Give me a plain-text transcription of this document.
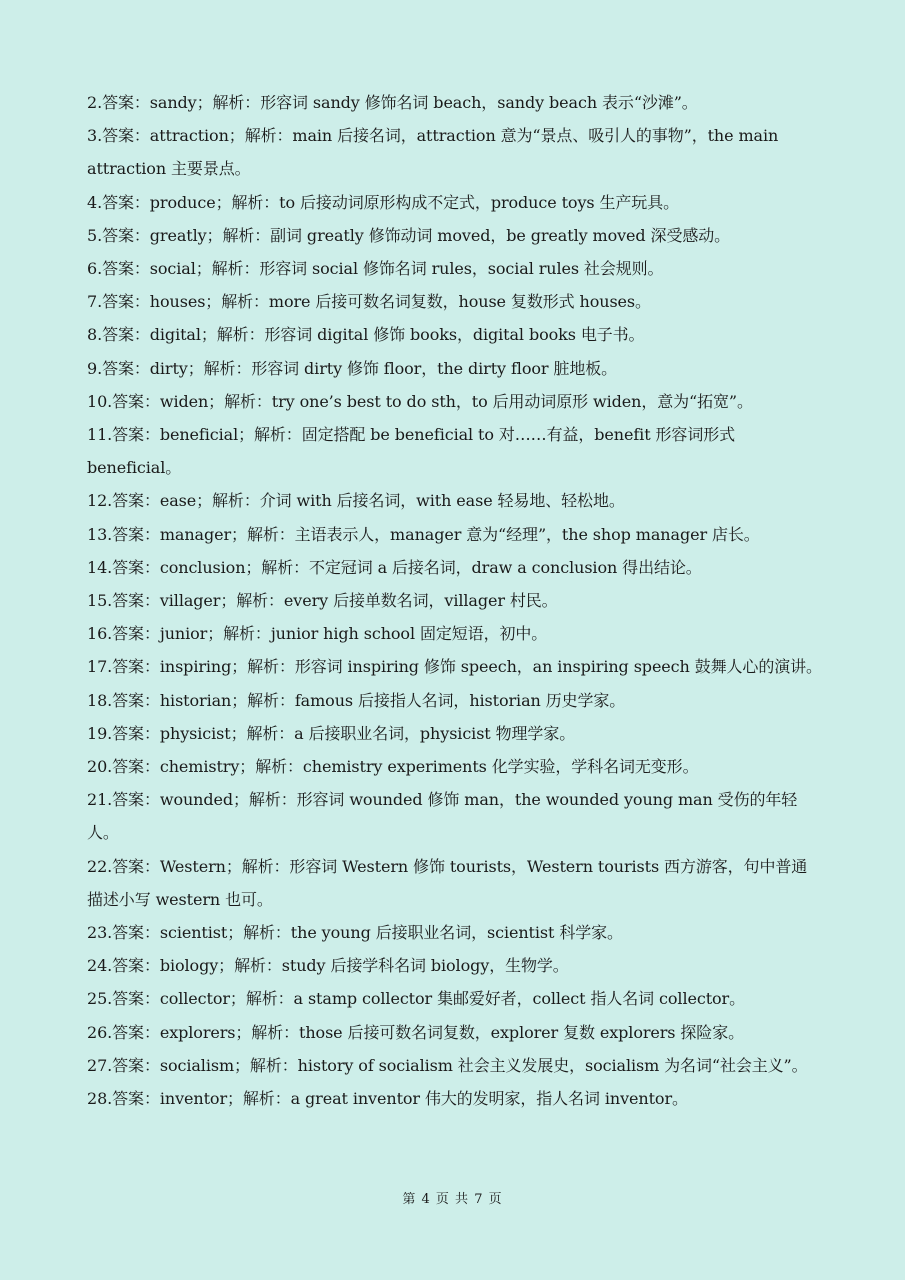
2.答案：sandy；解析：形容词 sandy 修饰名词 beach，sandy beach 表示“沙滩”。

3.答案：attraction；解析：main 后接名词，attraction 意为“景点、吸引人的事物”，the main attraction 主要景点。

4.答案：produce；解析：to 后接动词原形构成不定式，produce toys 生产玩具。

5.答案：greatly；解析：副词 greatly 修饰动词 moved，be greatly moved 深受感动。

6.答案：social；解析：形容词 social 修饰名词 rules，social rules 社会规则。

7.答案：houses；解析：more 后接可数名词复数，house 复数形式 houses。

8.答案：digital；解析：形容词 digital 修饰 books，digital books 电子书。

9.答案：dirty；解析：形容词 dirty 修饰 floor，the dirty floor 脏地板。

10.答案：widen；解析：try one’s best to do sth，to 后用动词原形 widen，意为“拓宽”。

11.答案：beneficial；解析：固定搭配 be beneficial to 对……有益，benefit 形容词形式 beneficial。

12.答案：ease；解析：介词 with 后接名词，with ease 轻易地、轻松地。

13.答案：manager；解析：主语表示人，manager 意为“经理”，the shop manager 店长。

14.答案：conclusion；解析：不定冠词 a 后接名词，draw a conclusion 得出结论。

15.答案：villager；解析：every 后接单数名词，villager 村民。

16.答案：junior；解析：junior high school 固定短语，初中。

17.答案：inspiring；解析：形容词 inspiring 修饰 speech，an inspiring speech 鼓舞人心的演讲。

18.答案：historian；解析：famous 后接指人名词，historian 历史学家。

19.答案：physicist；解析：a 后接职业名词，physicist 物理学家。

20.答案：chemistry；解析：chemistry experiments 化学实验，学科名词无变形。

21.答案：wounded；解析：形容词 wounded 修饰 man，the wounded young man 受伤的年轻人。

22.答案：Western；解析：形容词 Western 修饰 tourists，Western tourists 西方游客，句中普通描述小写 western 也可。

23.答案：scientist；解析：the young 后接职业名词，scientist 科学家。

24.答案：biology；解析：study 后接学科名词 biology，生物学。

25.答案：collector；解析：a stamp collector 集邮爱好者，collect 指人名词 collector。

26.答案：explorers；解析：those 后接可数名词复数，explorer 复数 explorers 探险家。

27.答案：socialism；解析：history of socialism 社会主义发展史，socialism 为名词“社会主义”。

28.答案：inventor；解析：a great inventor 伟大的发明家，指人名词 inventor。

第 4 页 共 7 页
